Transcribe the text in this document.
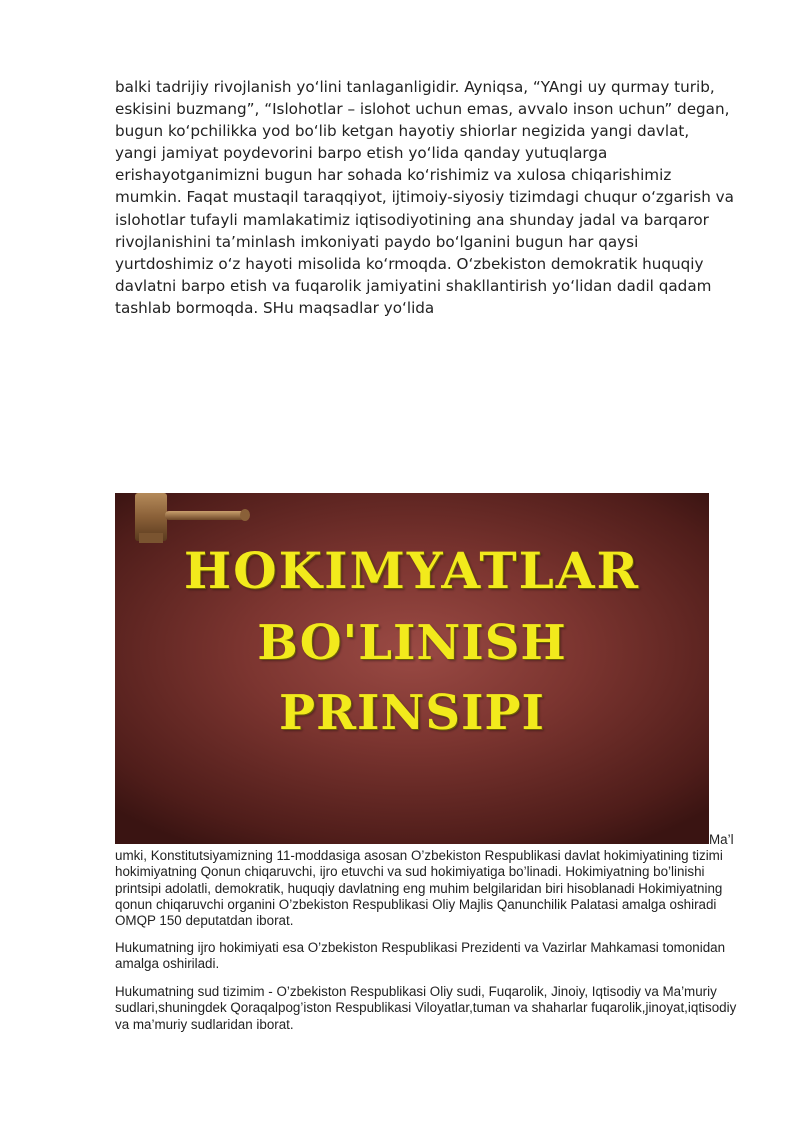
balki tadrijiy rivojlanish yo‘lini tanlaganligidir. Ayniqsa, “YAngi uy qurmay turib, eskisini buzmang”, “Islohotlar – islohot uchun emas, avvalo inson uchun” degan, bugun ko‘pchilikka yod bo‘lib ketgan hayotiy shiorlar negizida yangi davlat, yangi jamiyat poydevorini barpo etish yo‘lida qanday yutuqlarga erishayotganimizni bugun har sohada ko‘rishimiz va xulosa chiqarishimiz mumkin. Faqat mustaqil taraqqiyot, ijtimoiy-siyosiy tizimdagi chuqur o‘zgarish va islohotlar tufayli mamlakatimiz iqtisodiyotining ana shunday jadal va barqaror rivojlanishini ta’minlash imkoniyati paydo bo‘lganini bugun har qaysi yurtdoshimiz o‘z hayoti misolida ko‘rmoqda. O‘zbekiston demokratik huquqiy davlatni barpo etish va fuqarolik jamiyatini shakllantirish yo‘lidan dadil qadam tashlab bormoqda. SHu maqsadlar yo‘lida

HOKIMYATLAR
BO'LINISH
PRINSIPI
Ma’l

umki, Konstitutsiyamizning 11-moddasiga asosan O’zbekiston Respublikasi davlat hokimiyatining tizimi hokimiyatning Qonun chiqaruvchi, ijro etuvchi va sud hokimiyatiga bo’linadi. Hokimiyatning bo’linishi printsipi adolatli, demokratik, huquqiy davlatning eng muhim belgilaridan biri hisoblanadi Hokimiyatning qonun chiqaruvchi organini O’zbekiston Respublikasi Oliy Majlis Qanunchilik Palatasi amalga oshiradi OMQP 150 deputatdan iborat.

Hukumatning ijro hokimiyati esa O’zbekiston Respublikasi Prezidenti va Vazirlar Mahkamasi tomonidan amalga oshiriladi.

Hukumatning sud tizimim - O’zbekiston Respublikasi Oliy sudi, Fuqarolik, Jinoiy, Iqtisodiy va Ma’muriy sudlari,shuningdek Qoraqalpog’iston Respublikasi Viloyatlar,tuman va shaharlar fuqarolik,jinoyat,iqtisodiy va ma’muriy sudlaridan iborat.
